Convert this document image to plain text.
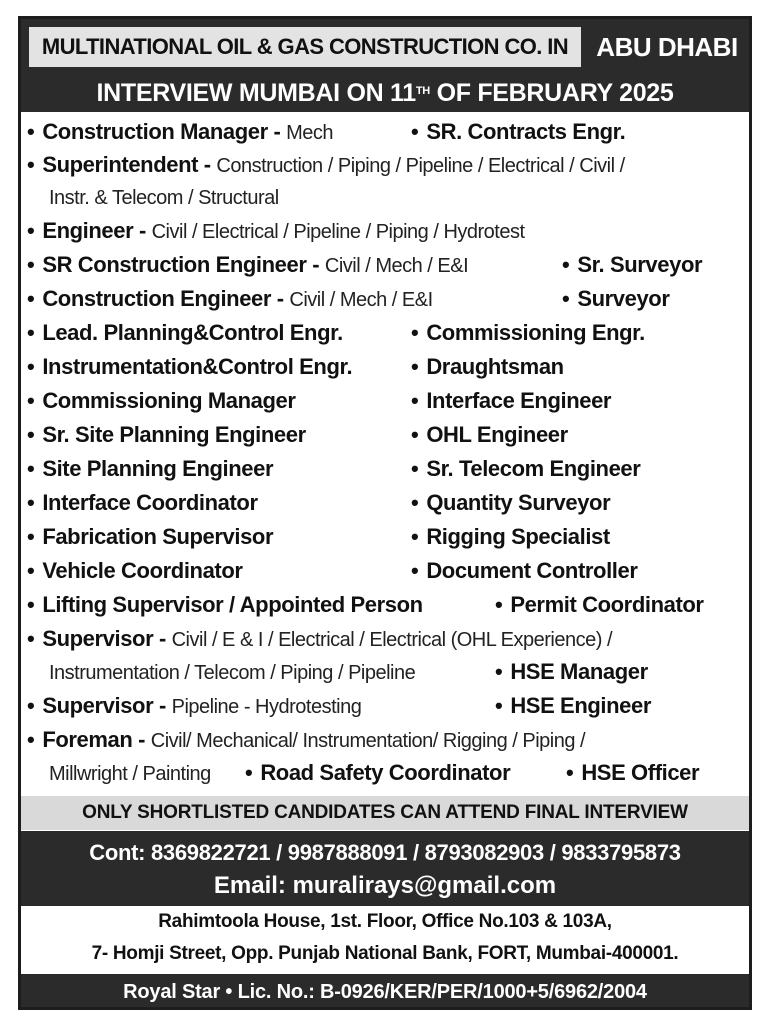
MULTINATIONAL OIL & GAS CONSTRUCTION CO. IN	ABU DHABI
INTERVIEW MUMBAI ON 11TH OF FEBRUARY 2025
• Construction Manager - Mech	• SR. Contracts Engr.
• Superintendent - Construction / Piping / Pipeline / Electrical / Civil /
Instr. & Telecom / Structural
• Engineer - Civil / Electrical / Pipeline / Piping / Hydrotest
• SR Construction Engineer - Civil / Mech / E&I	• Sr. Surveyor
• Construction Engineer - Civil / Mech / E&I	• Surveyor
• Lead. Planning&Control Engr.	• Commissioning Engr.
• Instrumentation&Control Engr.	• Draughtsman
• Commissioning Manager	• Interface Engineer
• Sr. Site Planning Engineer	• OHL Engineer
• Site Planning Engineer	• Sr. Telecom Engineer
• Interface Coordinator	• Quantity Surveyor
• Fabrication Supervisor	• Rigging Specialist
• Vehicle Coordinator	• Document Controller
• Lifting Supervisor / Appointed Person	• Permit Coordinator
• Supervisor - Civil / E & I / Electrical / Electrical (OHL Experience) /
Instrumentation / Telecom / Piping / Pipeline	• HSE Manager
• Supervisor - Pipeline - Hydrotesting	• HSE Engineer
• Foreman - Civil/ Mechanical/ Instrumentation/ Rigging / Piping /
Millwright / Painting • Road Safety Coordinator	• HSE Officer
ONLY SHORTLISTED CANDIDATES CAN ATTEND FINAL INTERVIEW
Cont: 8369822721 / 9987888091 / 8793082903 / 9833795873
Email: muralirays@gmail.com
Rahimtoola House, 1st. Floor, Office No.103 & 103A,
7- Homji Street, Opp. Punjab National Bank, FORT, Mumbai-400001.
Royal Star • Lic. No.: B-0926/KER/PER/1000+5/6962/2004
